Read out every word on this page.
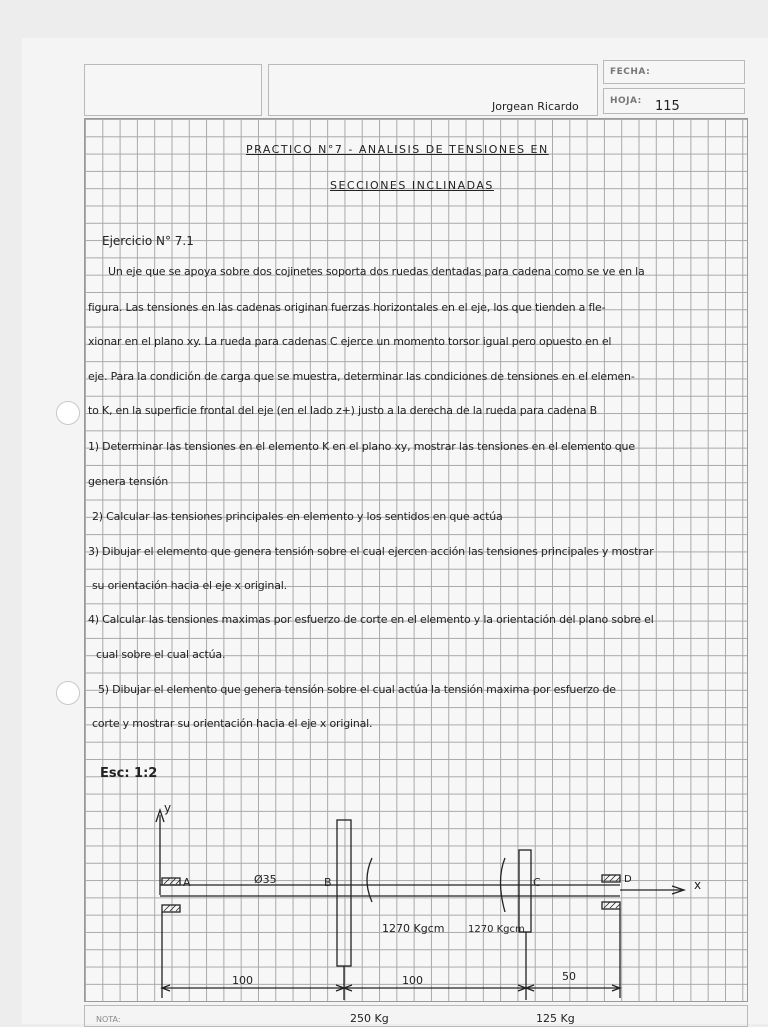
FECHA:
HOJA: 115
Jorgean Ricardo
PRACTICO N°7 - ANALISIS DE TENSIONES EN
SECCIONES INCLINADAS
Ejercicio N° 7.1
Un eje que se apoya sobre dos cojinetes soporta dos ruedas dentadas para cadena como se ve en la
figura. Las tensiones en las cadenas originan fuerzas horizontales en el eje, los que tienden a fle-
xionar en el plano xy. La rueda para cadenas C ejerce un momento torsor igual pero opuesto en el
eje. Para la condición de carga que se muestra, determinar las condiciones de tensiones en el elemen-
to K, en la superficie frontal del eje (en el lado z+) justo a la derecha de la rueda para cadena B
1) Determinar las tensiones en el elemento K en el plano xy, mostrar las tensiones en el elemento que
genera tensión
2) Calcular las tensiones principales en elemento y los sentidos en que actúa
3) Dibujar el elemento que genera tensión sobre el cual ejercen acción las tensiones principales y mostrar
su orientación hacia el eje x original.
4) Calcular las tensiones maximas por esfuerzo de corte en el elemento y la orientación del plano sobre el
cual sobre el cual actúa.
5) Dibujar el elemento que genera tensión sobre el cual actúa la tensión maxima por esfuerzo de
corte y mostrar su orientación hacia el eje x original.
Esc: 1:2
y
x
A	B	C	D
Ø35
1270 Kgcm 1270 Kgcm
100	100	50
250 Kg	125 Kg
NOTA:
